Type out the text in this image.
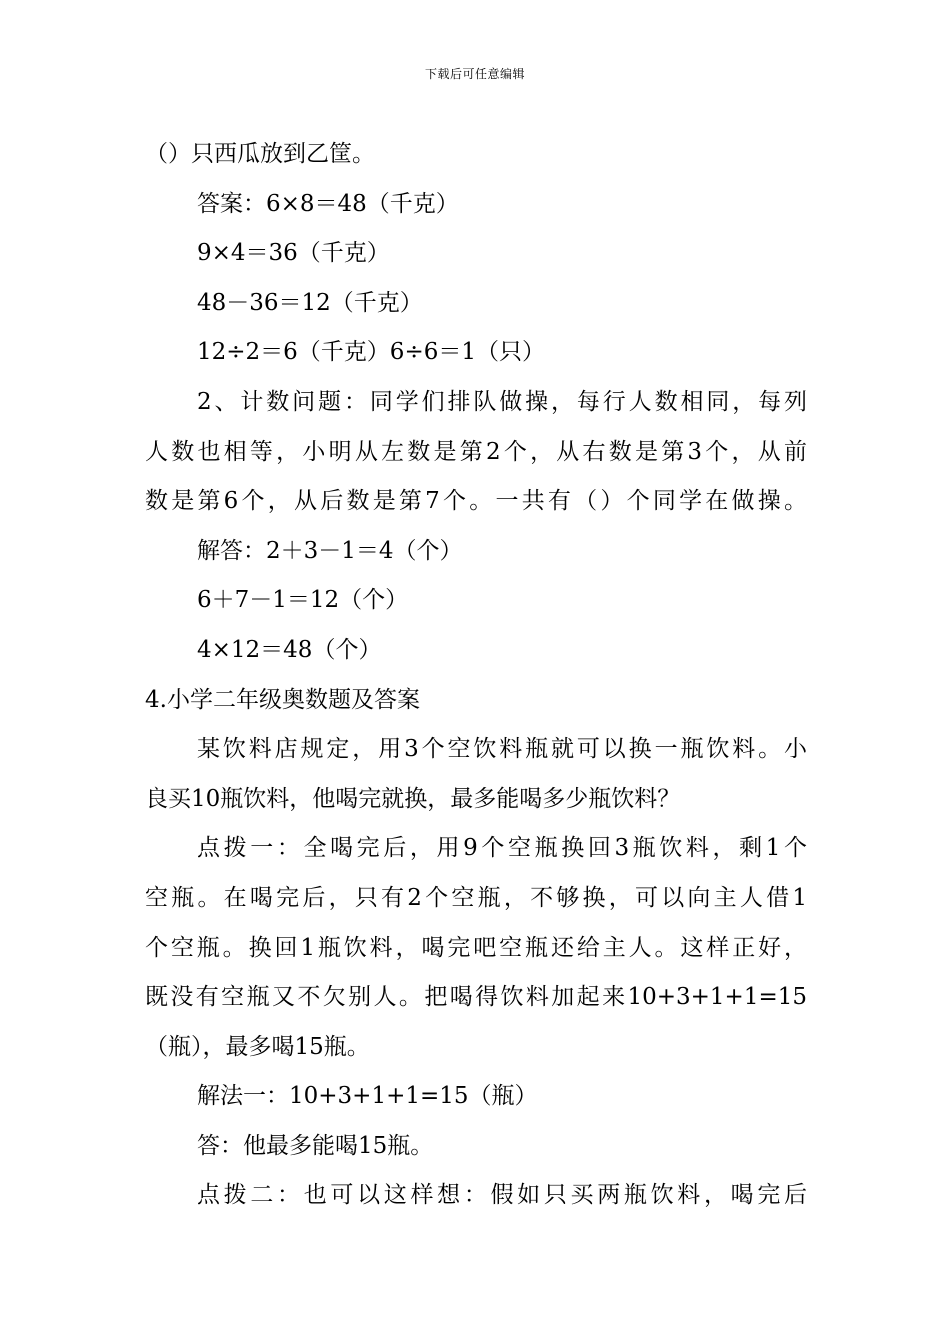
下载后可任意编辑
（）只西瓜放到乙筐。
答案：6×8＝48（千克）
9×4＝36（千克）
48－36＝12（千克）
12÷2＝6（千克）6÷6＝1（只）
2、计数问题：同学们排队做操，每行人数相同，每列
人数也相等，小明从左数是第2个，从右数是第3个，从前
数是第6个，从后数是第7个。一共有（）个同学在做操。
解答：2＋3－1＝4（个）
6＋7－1＝12（个）
4×12＝48（个）
4.小学二年级奥数题及答案
某饮料店规定，用3个空饮料瓶就可以换一瓶饮料。小
良买10瓶饮料，他喝完就换，最多能喝多少瓶饮料？
点拨一：全喝完后，用9个空瓶换回3瓶饮料，剩1个
空瓶。在喝完后，只有2个空瓶，不够换，可以向主人借1
个空瓶。换回1瓶饮料，喝完吧空瓶还给主人。这样正好，
既没有空瓶又不欠别人。把喝得饮料加起来10+3+1+1=15
（瓶），最多喝15瓶。
解法一：10+3+1+1=15（瓶）
答：他最多能喝15瓶。
点拨二：也可以这样想：假如只买两瓶饮料，喝完后
